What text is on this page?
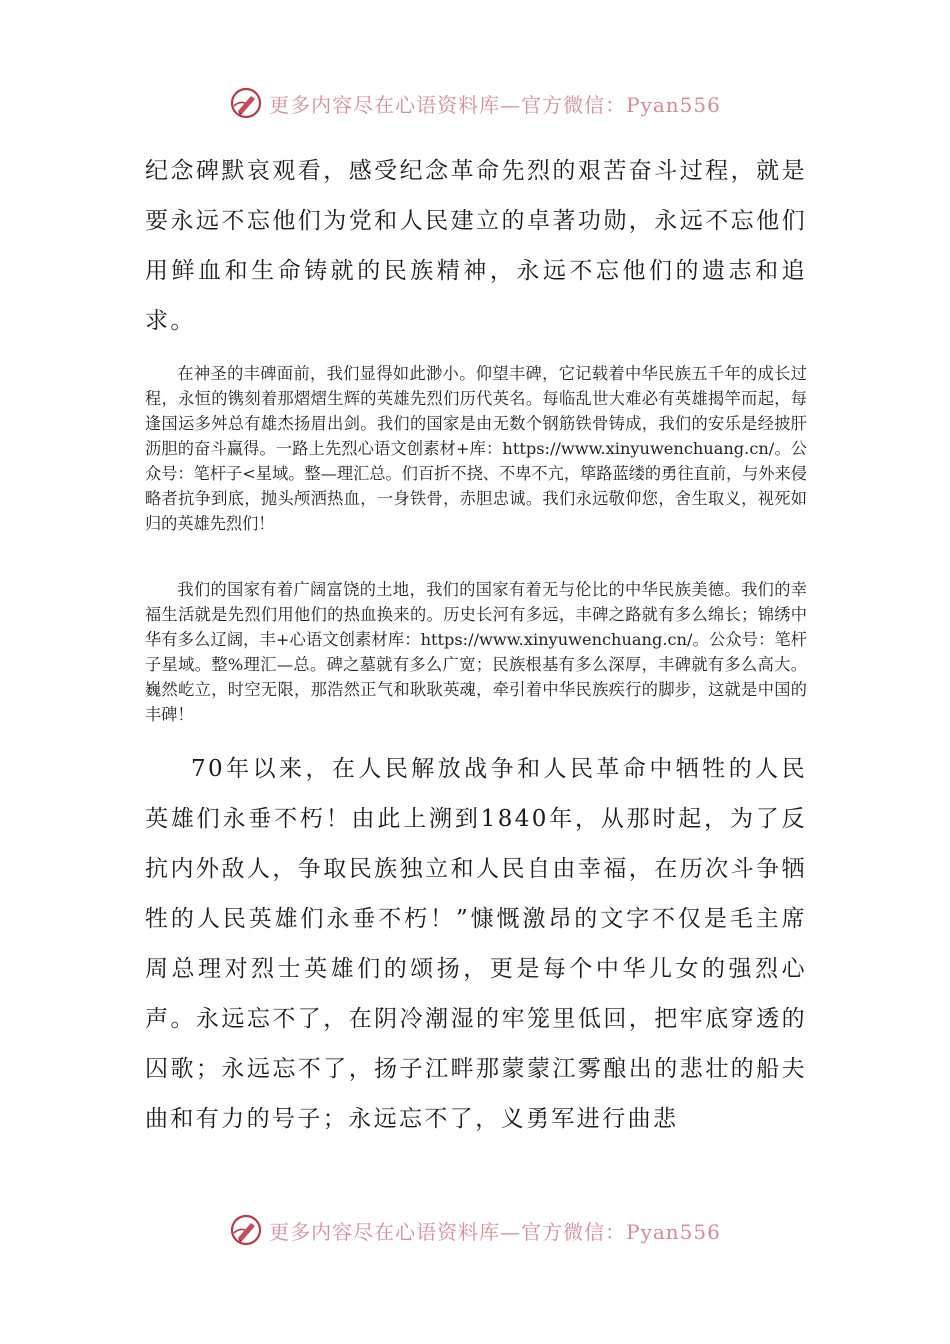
更多内容尽在心语资料库—官方微信：Pyan556

纪念碑默哀观看，感受纪念革命先烈的艰苦奋斗过程，就是要永远不忘他们为党和人民建立的卓著功勋，永远不忘他们用鲜血和生命铸就的民族精神，永远不忘他们的遗志和追求。

在神圣的丰碑面前，我们显得如此渺小。仰望丰碑，它记载着中华民族五千年的成长过程，永恒的镌刻着那熠熠生辉的英雄先烈们历代英名。每临乱世大难必有英雄揭竿而起，每逢国运多舛总有雄杰扬眉出剑。我们的国家是由无数个钢筋铁骨铸成，我们的安乐是经披肝沥胆的奋斗赢得。一路上先烈心语文创素材+库：https://www.xinyuwenchuang.cn/。公众号：笔杆子<星域。整—理汇总。们百折不挠、不卑不亢，筚路蓝缕的勇往直前，与外来侵略者抗争到底，抛头颅洒热血，一身铁骨，赤胆忠诚。我们永远敬仰您，舍生取义，视死如归的英雄先烈们！

我们的国家有着广阔富饶的土地，我们的国家有着无与伦比的中华民族美德。我们的幸福生活就是先烈们用他们的热血换来的。历史长河有多远，丰碑之路就有多么绵长；锦绣中华有多么辽阔，丰+心语文创素材库：https://www.xinyuwenchuang.cn/。公众号：笔杆子星域。整%理汇—总。碑之墓就有多么广宽；民族根基有多么深厚，丰碑就有多么高大。巍然屹立，时空无限，那浩然正气和耿耿英魂，牵引着中华民族疾行的脚步，这就是中国的丰碑！

70年以来，在人民解放战争和人民革命中牺牲的人民英雄们永垂不朽！由此上溯到1840年，从那时起，为了反抗内外敌人，争取民族独立和人民自由幸福，在历次斗争牺牲的人民英雄们永垂不朽！”慷慨激昂的文字不仅是毛主席周总理对烈士英雄们的颂扬，更是每个中华儿女的强烈心声。永远忘不了，在阴冷潮湿的牢笼里低回，把牢底穿透的囚歌；永远忘不了，扬子江畔那蒙蒙江雾酿出的悲壮的船夫曲和有力的号子；永远忘不了，义勇军进行曲悲

更多内容尽在心语资料库—官方微信：Pyan556
